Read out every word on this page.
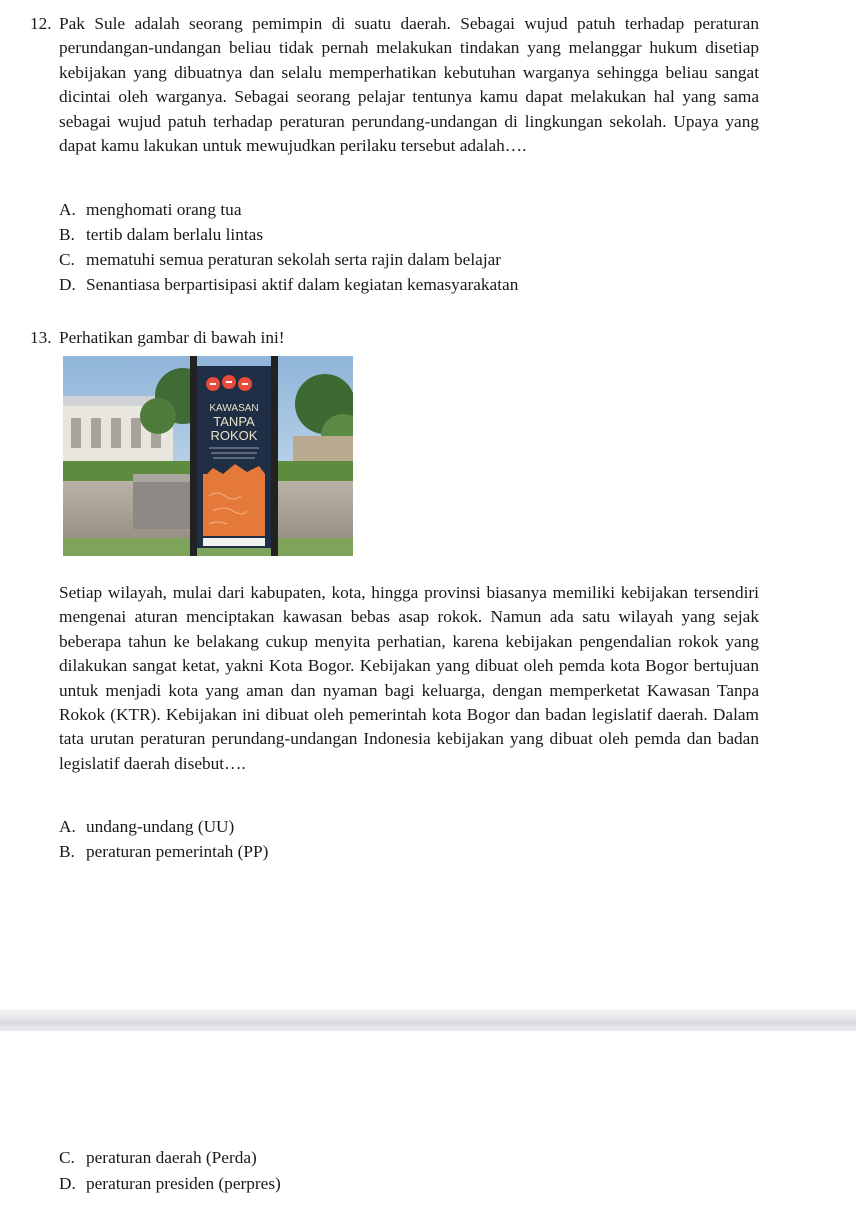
12. Pak Sule adalah seorang pemimpin di suatu daerah. Sebagai wujud patuh terhadap peraturan perundangan-undangan beliau tidak pernah melakukan tindakan yang melanggar hukum disetiap kebijakan yang dibuatnya dan selalu memperhatikan kebutuhan warganya sehingga beliau sangat dicintai oleh warganya. Sebagai seorang pelajar tentunya kamu dapat melakukan hal yang sama sebagai wujud patuh terhadap peraturan perundang-undangan di lingkungan sekolah. Upaya yang dapat kamu lakukan untuk mewujudkan perilaku tersebut adalah….

A. menghomati orang tua
B. tertib dalam berlalu lintas
C. mematuhi semua peraturan sekolah serta rajin dalam belajar
D. Senantiasa berpartisipasi aktif dalam kegiatan kemasyarakatan
13. Perhatikan gambar di bawah ini!
KAWASAN
TANPA
ROKOK

Setiap wilayah, mulai dari kabupaten, kota, hingga provinsi biasanya memiliki kebijakan tersendiri mengenai aturan menciptakan kawasan bebas asap rokok. Namun ada satu wilayah yang sejak beberapa tahun ke belakang cukup menyita perhatian, karena kebijakan pengendalian rokok yang dilakukan sangat ketat, yakni Kota Bogor. Kebijakan yang dibuat oleh pemda kota Bogor bertujuan untuk menjadi kota yang aman dan nyaman bagi keluarga, dengan memperketat Kawasan Tanpa Rokok (KTR). Kebijakan ini dibuat oleh pemerintah kota Bogor dan badan legislatif daerah. Dalam tata urutan peraturan perundang-undangan Indonesia kebijakan yang dibuat oleh pemda dan badan legislatif daerah disebut….

A. undang-undang (UU)
B. peraturan pemerintah (PP)
C. peraturan daerah (Perda)
D. peraturan presiden (perpres)
